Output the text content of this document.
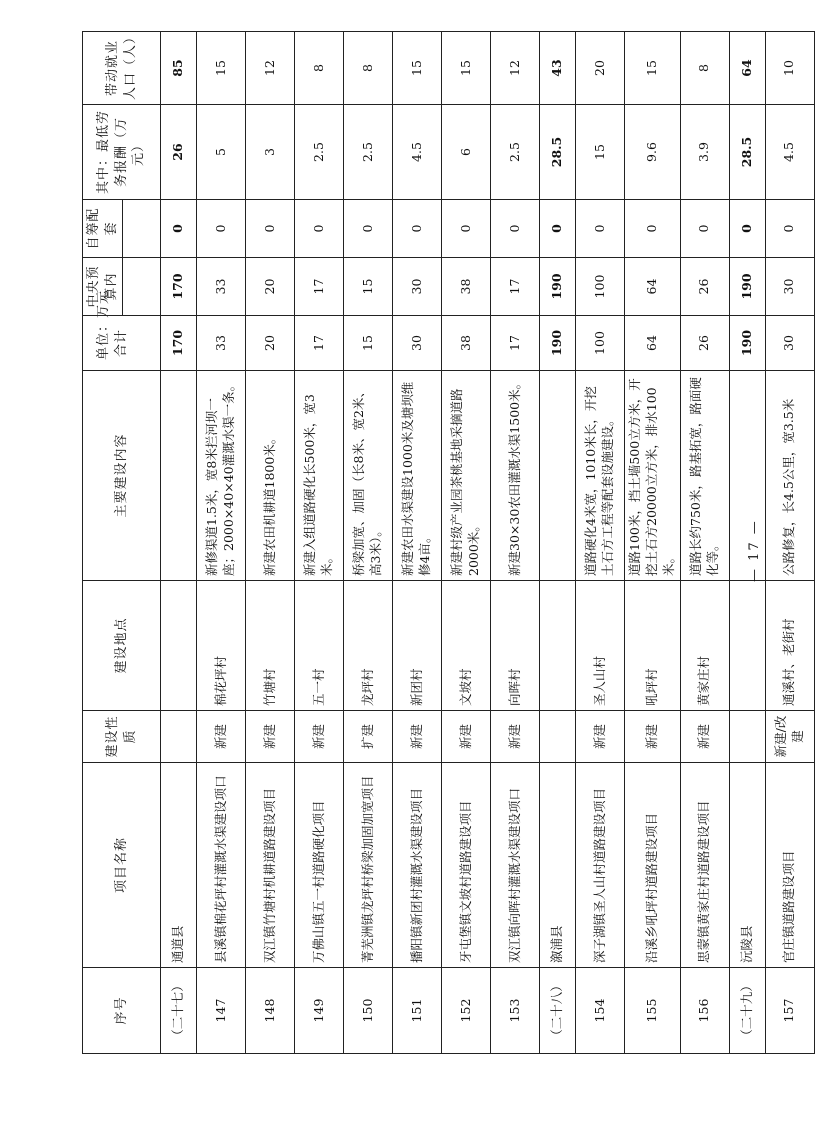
单位：万元
序号	项目名称	建设性质	建设地点	主要建设内容	合计	中央预算内	自筹配套	其中：最低劳务报酬（万元）	带动就业人口（人）

（二十七）	通道县				170	170	0	26	85
147	县溪镇棉花坪村灌溉水渠建设项口	新建	棉花坪村	新修渠道1.5米，宽8米拦河坝一座；2000×40×40灌溉水渠一条。	33	33	0	5	15
148	双江镇竹塘村机耕道路建设项目	新建	竹塘村	新建农田机耕道1800米。	20	20	0	3	12
149	万佛山镇五一村道路硬化项目	新建	五一村	新建入组道路硬化长500米，宽3米。	17	17	0	2.5	8
150	菁芜洲镇龙坪村桥梁加固加宽项目	扩建	龙坪村	桥梁加宽、加固（长8米、宽2米、高3米）。	15	15	0	2.5	8
151	播阳镇新团村灌溉水渠建设项目	新建	新团村	新建农田水渠建设1000米及塘坝维修4亩。	30	30	0	4.5	15
152	牙屯堡镇文坡村道路建设项目	新建	文坡村	新建村级产业园茶桃基地采摘道路2000米。	38	38	0	6	15
153	双江镇向晖村灌溉水渠建设项口	新建	向晖村	新建30×30农田灌溉水渠1500米。	17	17	0	2.5	12
（二十八）	溆浦县				190	190	0	28.5	43
154	深子湖镇圣人山村道路建设项目	新建	圣人山村	道路硬化4米宽，1010米长，开挖土石方工程等配套设施建设。	100	100	0	15	20
155	沿溪乡吼坪村道路建设项目	新建	吼坪村	道路100米，挡土墙500立方米，开挖土石方20000立方米，排水100米。	64	64	0	9.6	15
156	思蒙镇黄家庄村道路建设项目	新建	黄家庄村	道路长约750米，路基拓宽，路面硬化等。	26	26	0	3.9	8
（二十九）	沅陵县				190	190	0	28.5	64
157	官庄镇道路建设项目	新建/改建	通溪村、老街村	公路修复，长4.5公里，宽3.5米	30	30	0	4.5	10
— 17 —
